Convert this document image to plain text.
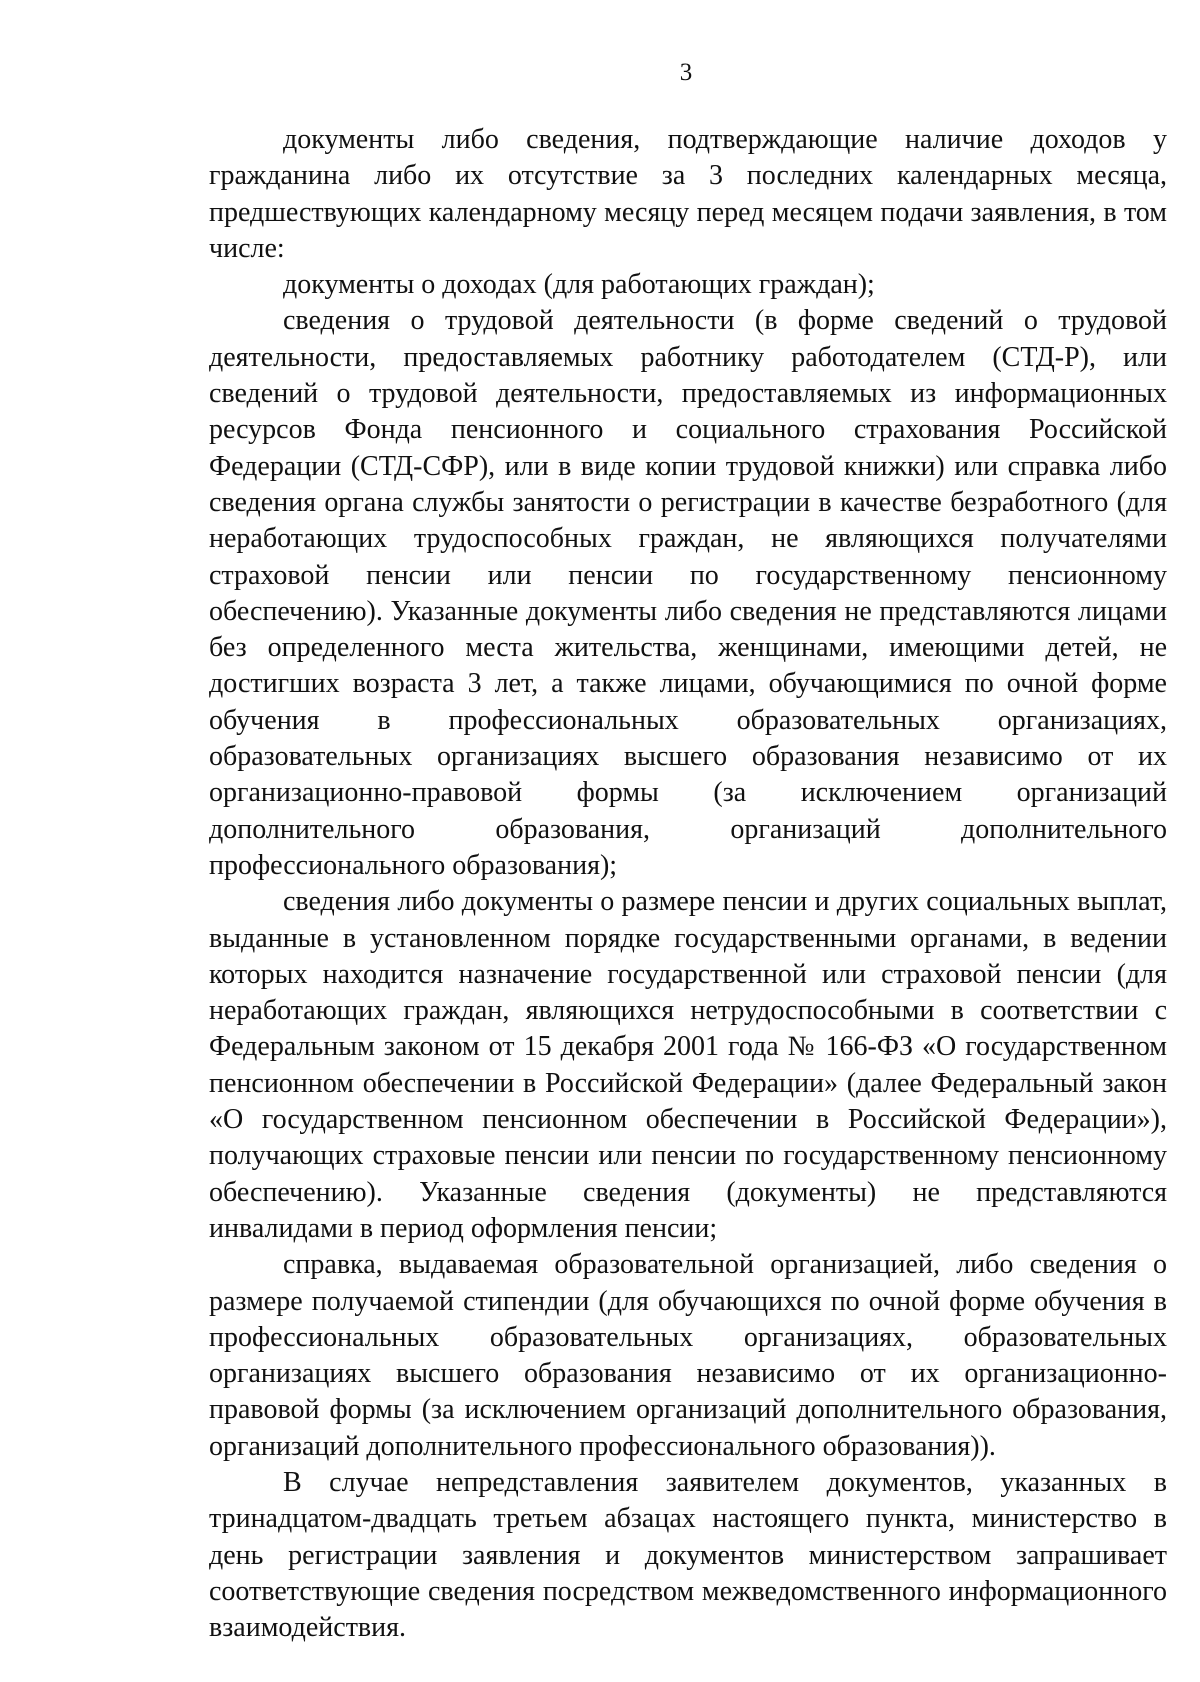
3

документы либо сведения, подтверждающие наличие доходов у гражданина либо их отсутствие за 3 последних календарных месяца, предшествующих календарному месяцу перед месяцем подачи заявления, в том числе:

документы о доходах (для работающих граждан);

сведения о трудовой деятельности (в форме сведений о трудовой деятельности, предоставляемых работнику работодателем (СТД-Р), или сведений о трудовой деятельности, предоставляемых из информационных ресурсов Фонда пенсионного и социального страхования Российской Федерации (СТД-СФР), или в виде копии трудовой книжки) или справка либо сведения органа службы занятости о регистрации в качестве безработного (для неработающих трудоспособных граждан, не являющихся получателями страховой пенсии или пенсии по государственному пенсионному обеспечению). Указанные документы либо сведения не представляются лицами без определенного места жительства, женщинами, имеющими детей, не достигших возраста 3 лет, а также лицами, обучающимися по очной форме обучения в профессиональных образовательных организациях, образовательных организациях высшего образования независимо от их организационно-правовой формы (за исключением организаций дополнительного образования, организаций дополнительного профессионального образования);

сведения либо документы о размере пенсии и других социальных выплат, выданные в установленном порядке государственными органами, в ведении которых находится назначение государственной или страховой пенсии (для неработающих граждан, являющихся нетрудоспособными в соответствии с Федеральным законом от 15 декабря 2001 года № 166-ФЗ «О государственном пенсионном обеспечении в Российской Федерации» (далее Федеральный закон «О государственном пенсионном обеспечении в Российской Федерации»), получающих страховые пенсии или пенсии по государственному пенсионному обеспечению). Указанные сведения (документы) не представляются инвалидами в период оформления пенсии;

справка, выдаваемая образовательной организацией, либо сведения о размере получаемой стипендии (для обучающихся по очной форме обучения в профессиональных образовательных организациях, образовательных организациях высшего образования независимо от их организационно-правовой формы (за исключением организаций дополнительного образования, организаций дополнительного профессионального образования)).

В случае непредставления заявителем документов, указанных в тринадцатом-двадцать третьем абзацах настоящего пункта, министерство в день регистрации заявления и документов министерством запрашивает соответствующие сведения посредством межведомственного информационного взаимодействия.
